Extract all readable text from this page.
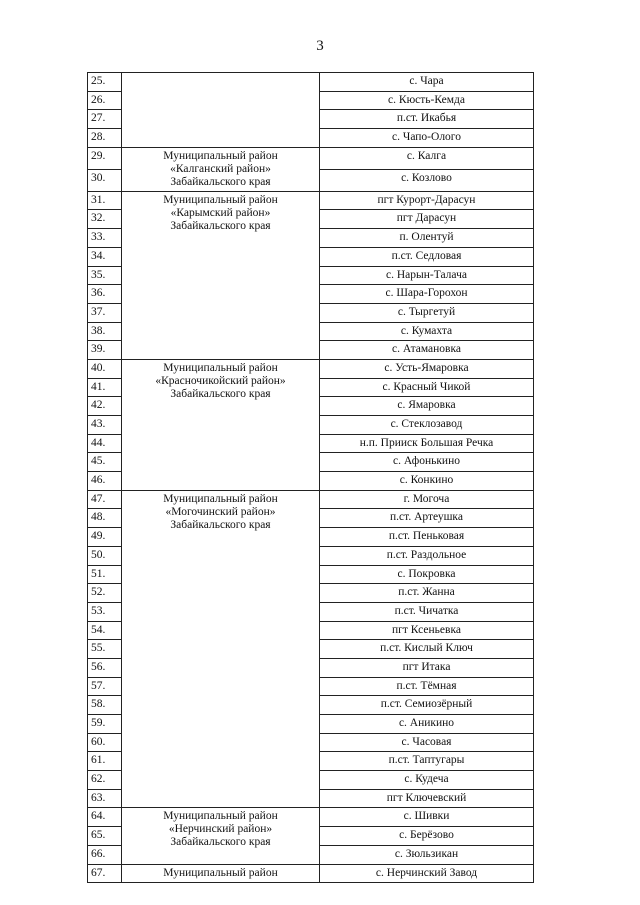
3
25.		с. Чара
26.		с. Кюсть-Кемда
27.		п.ст. Икабья
28.		с. Чапо-Олого
29.	Муниципальный район
«Калганский район»
Забайкальского края	с. Калга
30.		с. Козлово
31.	Муниципальный район
«Карымский район»
Забайкальского края	пгт Курорт-Дарасун
32.		пгт Дарасун
33.		п. Олентуй
34.		п.ст. Седловая
35.		с. Нарын-Талача
36.		с. Шара-Горохон
37.		с. Тыргетуй
38.		с. Кумахта
39.		с. Атамановка
40.	Муниципальный район
«Красночикойский район»
Забайкальского края	с. Усть-Ямаровка
41.		с. Красный Чикой
42.		с. Ямаровка
43.		с. Стеклозавод
44.		н.п. Прииск Большая Речка
45.		с. Афонькино
46.		с. Конкино
47.	Муниципальный район
«Могочинский район»
Забайкальского края	г. Могоча
48.		п.ст. Артеушка
49.		п.ст. Пеньковая
50.		п.ст. Раздольное
51.		с. Покровка
52.		п.ст. Жанна
53.		п.ст. Чичатка
54.		пгт Ксеньевка
55.		п.ст. Кислый Ключ
56.		пгт Итака
57.		п.ст. Тёмная
58.		п.ст. Семиозёрный
59.		с. Аникино
60.		с. Часовая
61.		п.ст. Таптугары
62.		с. Кудеча
63.		пгт Ключевский
64.	Муниципальный район
«Нерчинский район»
Забайкальского края	с. Шивки
65.		с. Берёзово
66.		с. Зюльзикан
67.	Муниципальный район	с. Нерчинский Завод
